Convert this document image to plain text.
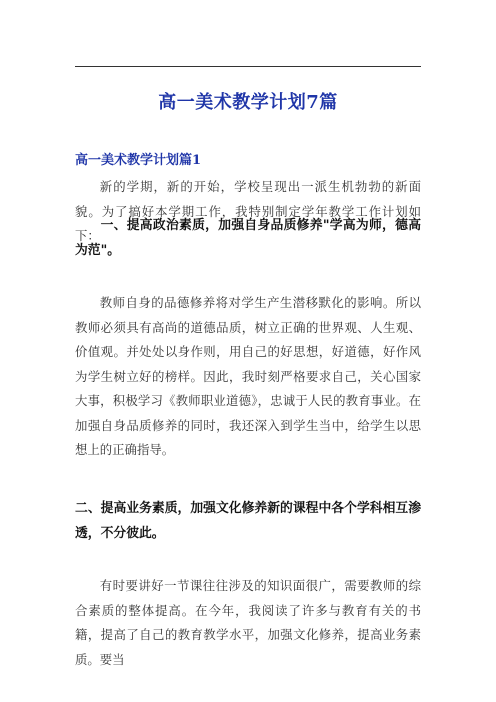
高一美术教学计划7篇
高一美术教学计划篇1
新的学期，新的开始，学校呈现出一派生机勃勃的新面貌。为了搞好本学期工作，我特别制定学年教学工作计划如下：
一、提高政治素质，加强自身品质修养"学高为师，德高为范"。
教师自身的品德修养将对学生产生潜移默化的影响。所以教师必须具有高尚的道德品质，树立正确的世界观、人生观、价值观。并处处以身作则，用自己的好思想，好道德，好作风为学生树立好的榜样。因此，我时刻严格要求自己，关心国家大事，积极学习《教师职业道德》，忠诚于人民的教育事业。在加强自身品质修养的同时，我还深入到学生当中，给学生以思想上的正确指导。
二、提高业务素质，加强文化修养新的课程中各个学科相互渗透，不分彼此。
有时要讲好一节课往往涉及的知识面很广，需要教师的综合素质的整体提高。在今年，我阅读了许多与教育有关的书籍，提高了自己的教育教学水平，加强文化修养，提高业务素质。要当
